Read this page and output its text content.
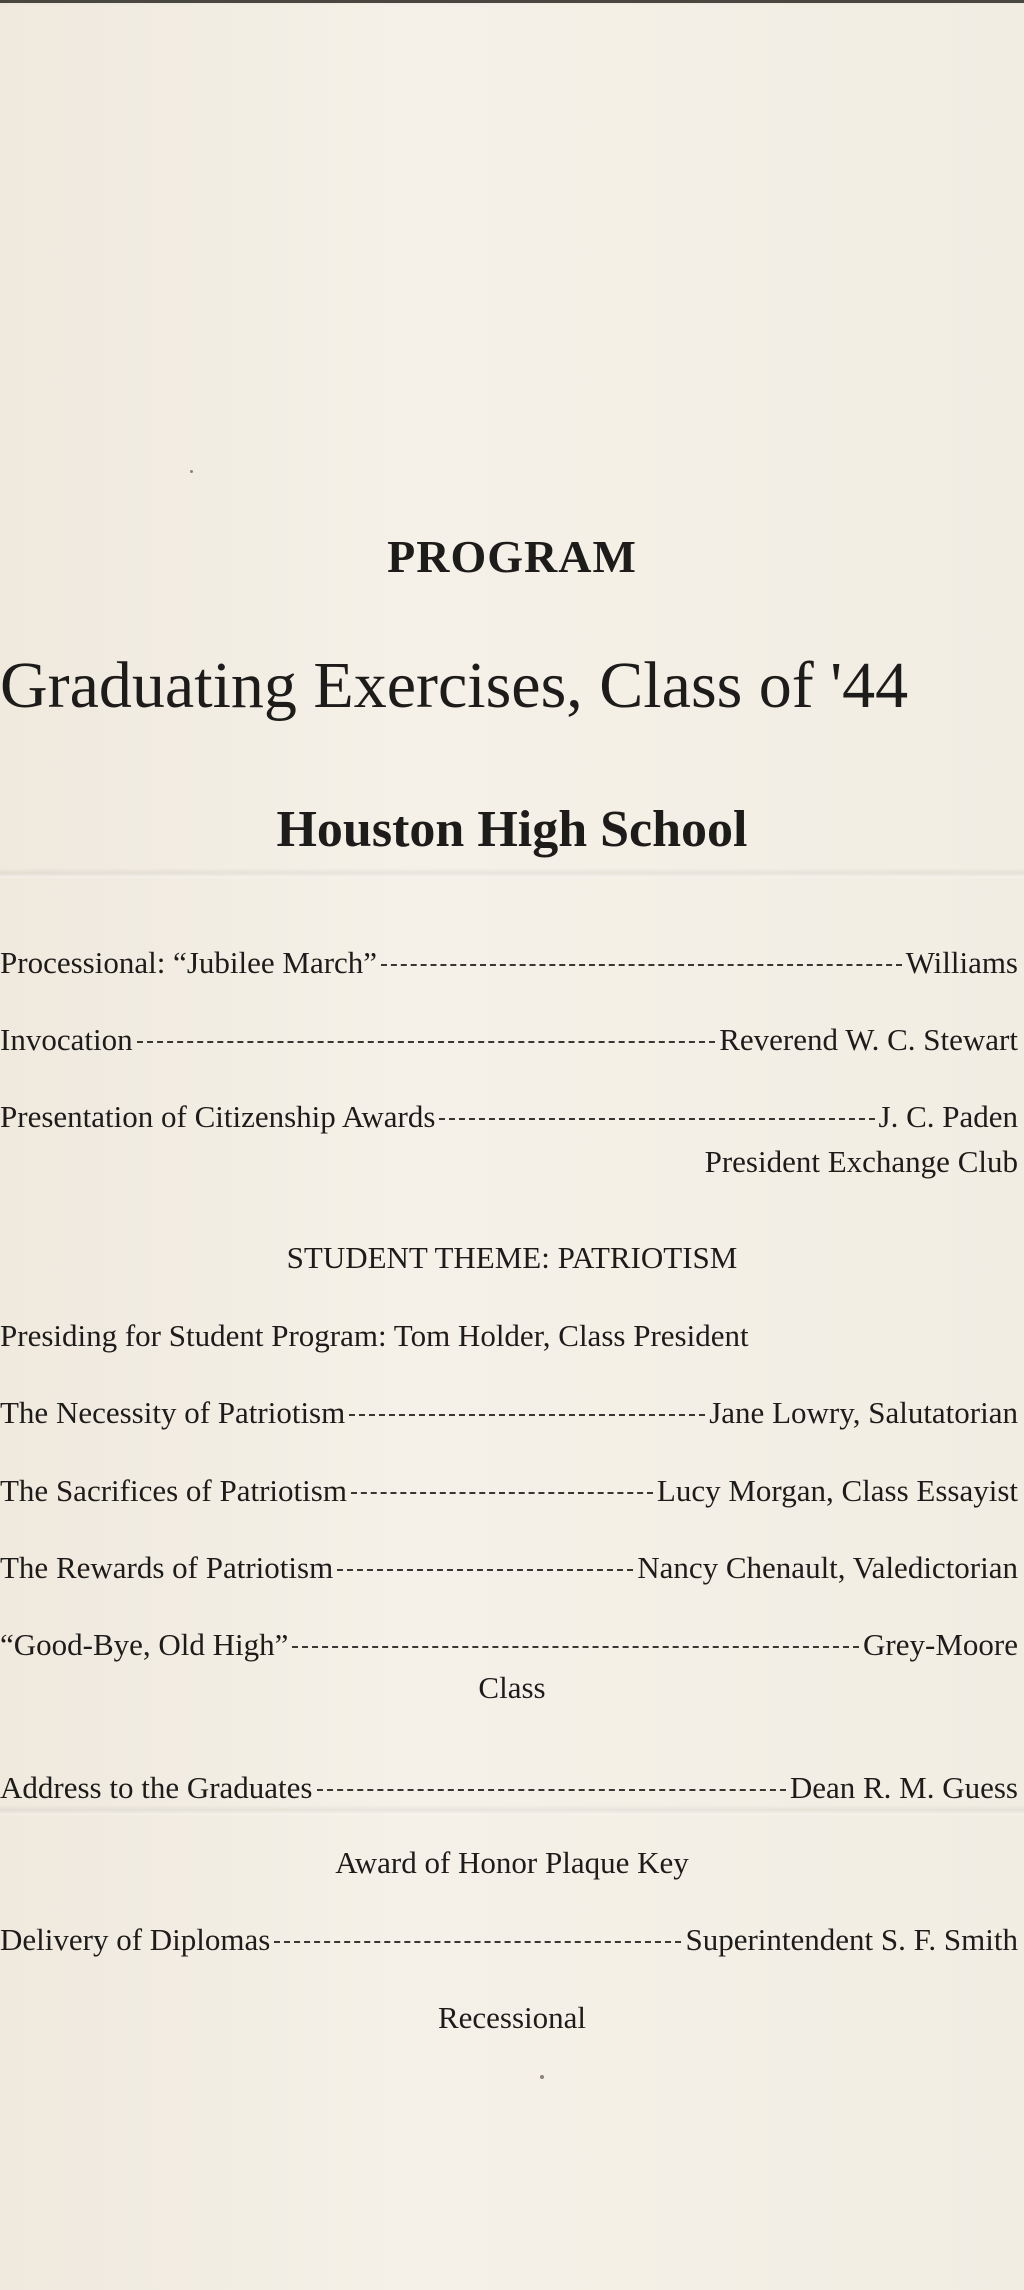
PROGRAM
Graduating Exercises, Class of '44
Houston High School
Processional: “Jubilee March”	Williams
Invocation	Reverend W. C. Stewart
Presentation of Citizenship Awards	J. C. Paden
President Exchange Club
STUDENT THEME: PATRIOTISM
Presiding for Student Program: Tom Holder, Class President
The Necessity of Patriotism	Jane Lowry, Salutatorian
The Sacrifices of Patriotism	Lucy Morgan, Class Essayist
The Rewards of Patriotism	Nancy Chenault, Valedictorian
“Good-Bye, Old High”	Grey-Moore
Class
Address to the Graduates	Dean R. M. Guess
Award of Honor Plaque Key
Delivery of Diplomas	Superintendent S. F. Smith
Recessional
